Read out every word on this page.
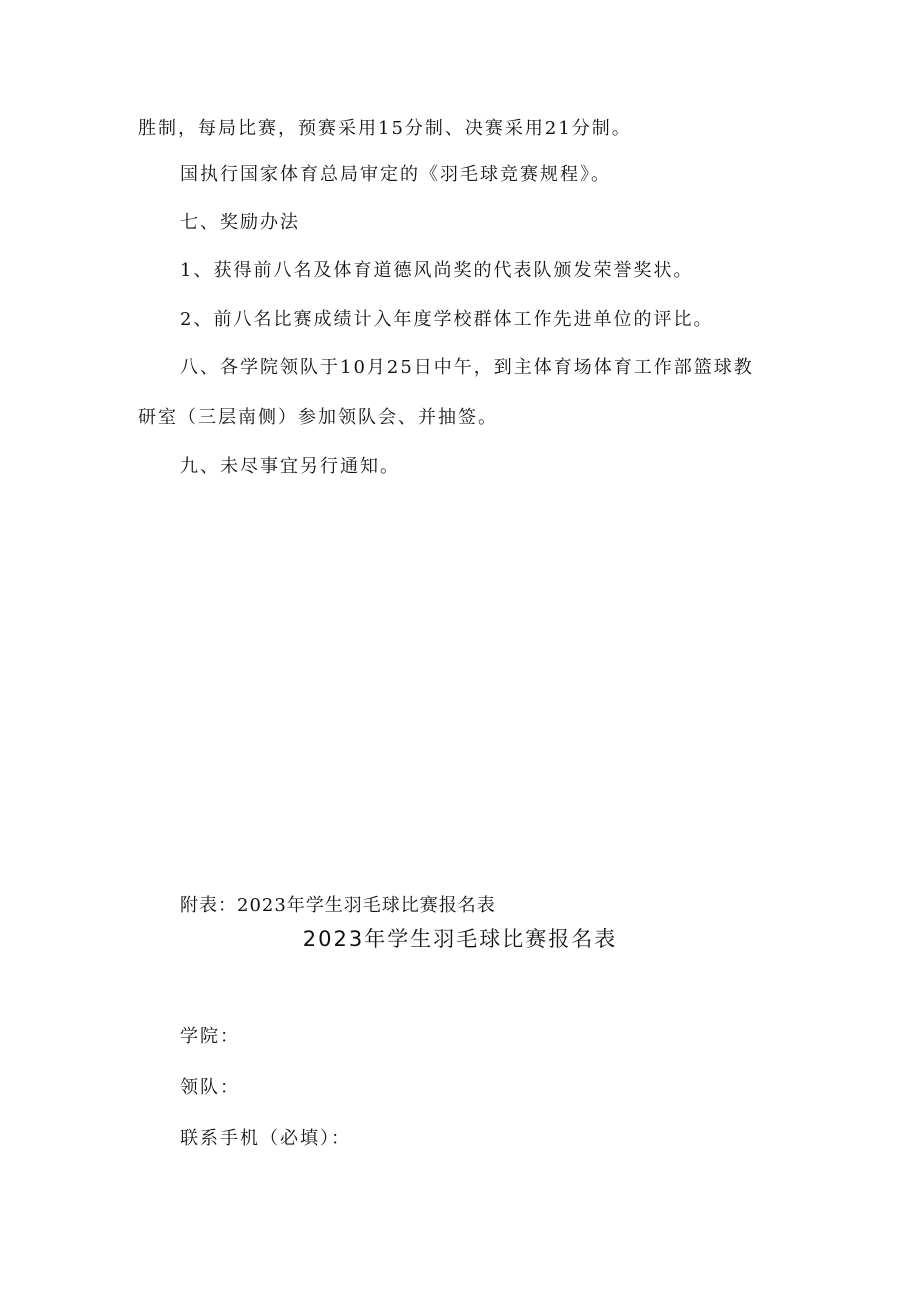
胜制，每局比赛，预赛采用15分制、决赛采用21分制。
国执行国家体育总局审定的《羽毛球竞赛规程》。
七、奖励办法
1、获得前八名及体育道德风尚奖的代表队颁发荣誉奖状。
2、前八名比赛成绩计入年度学校群体工作先进单位的评比。
八、各学院领队于10月25日中午，到主体育场体育工作部篮球教
研室（三层南侧）参加领队会、并抽签。
九、未尽事宜另行通知。
附表：2023年学生羽毛球比赛报名表
2023年学生羽毛球比赛报名表
学院：
领队：
联系手机（必填）：
